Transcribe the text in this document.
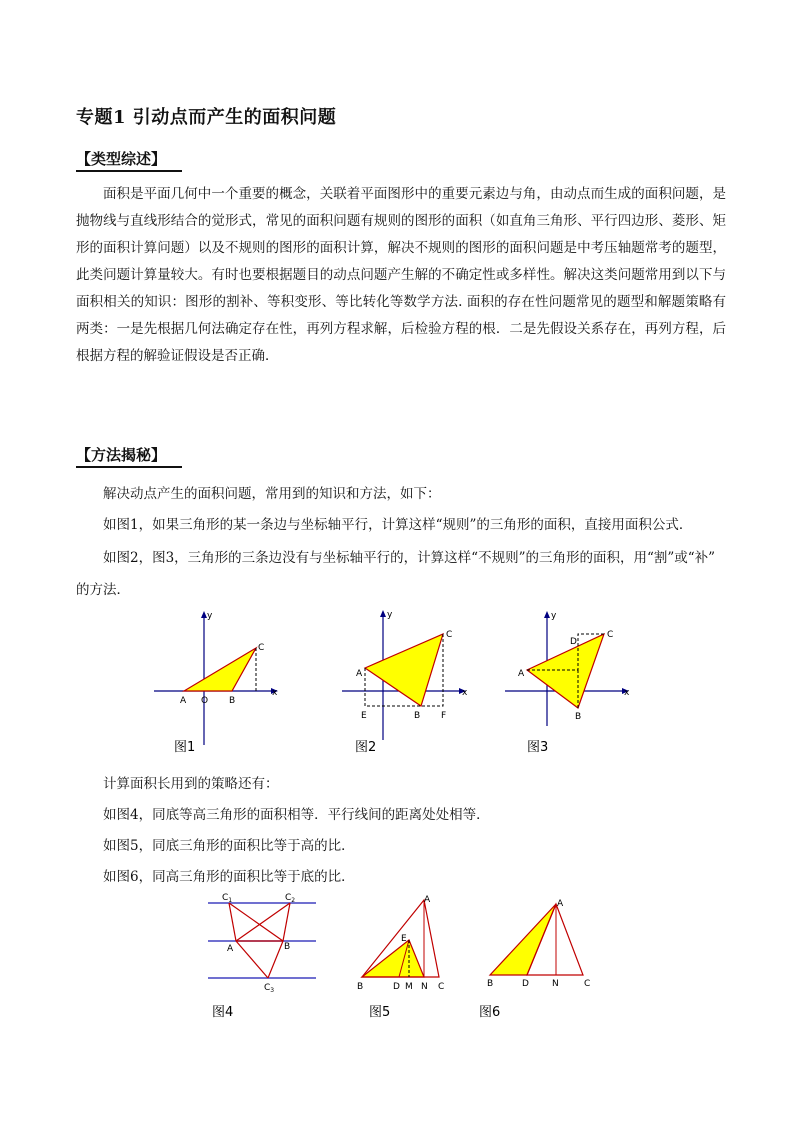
专题1 引动点而产生的面积问题
【类型综述】

面积是平面几何中一个重要的概念，关联着平面图形中的重要元素边与角，由动点而生成的面积问题，是抛物线与直线形结合的觉形式，常见的面积问题有规则的图形的面积（如直角三角形、平行四边形、菱形、矩形的面积计算问题）以及不规则的图形的面积计算，解决不规则的图形的面积问题是中考压轴题常考的题型，此类问题计算量较大。有时也要根据题目的动点问题产生解的不确定性或多样性。解决这类问题常用到以下与面积相关的知识：图形的割补、等积变形、等比转化等数学方法. 面积的存在性问题常见的题型和解题策略有两类：一是先根据几何法确定存在性，再列方程求解，后检验方程的根．二是先假设关系存在，再列方程，后根据方程的解验证假设是否正确．

【方法揭秘】
解决动点产生的面积问题，常用到的知识和方法，如下：
如图1，如果三角形的某一条边与坐标轴平行，计算这样“规则”的三角形的面积，直接用面积公式．
如图2，图3，三角形的三条边没有与坐标轴平行的，计算这样“不规则”的三角形的面积，用“割”或“补”
的方法．
x
y
A O B
C
图1
x
y
A
B
C
E	F
图2
x
y
A
B
C
D
图3
计算面积长用到的策略还有：
如图4，同底等高三角形的面积相等．平行线间的距离处处相等．
如图5，同底三角形的面积比等于高的比．
如图6，同高三角形的面积比等于底的比．
$C_1$	$C_2$
$C_3$
A	B
图4
A
E
B	D M N C
图5
A
B	D	N	C
图6
